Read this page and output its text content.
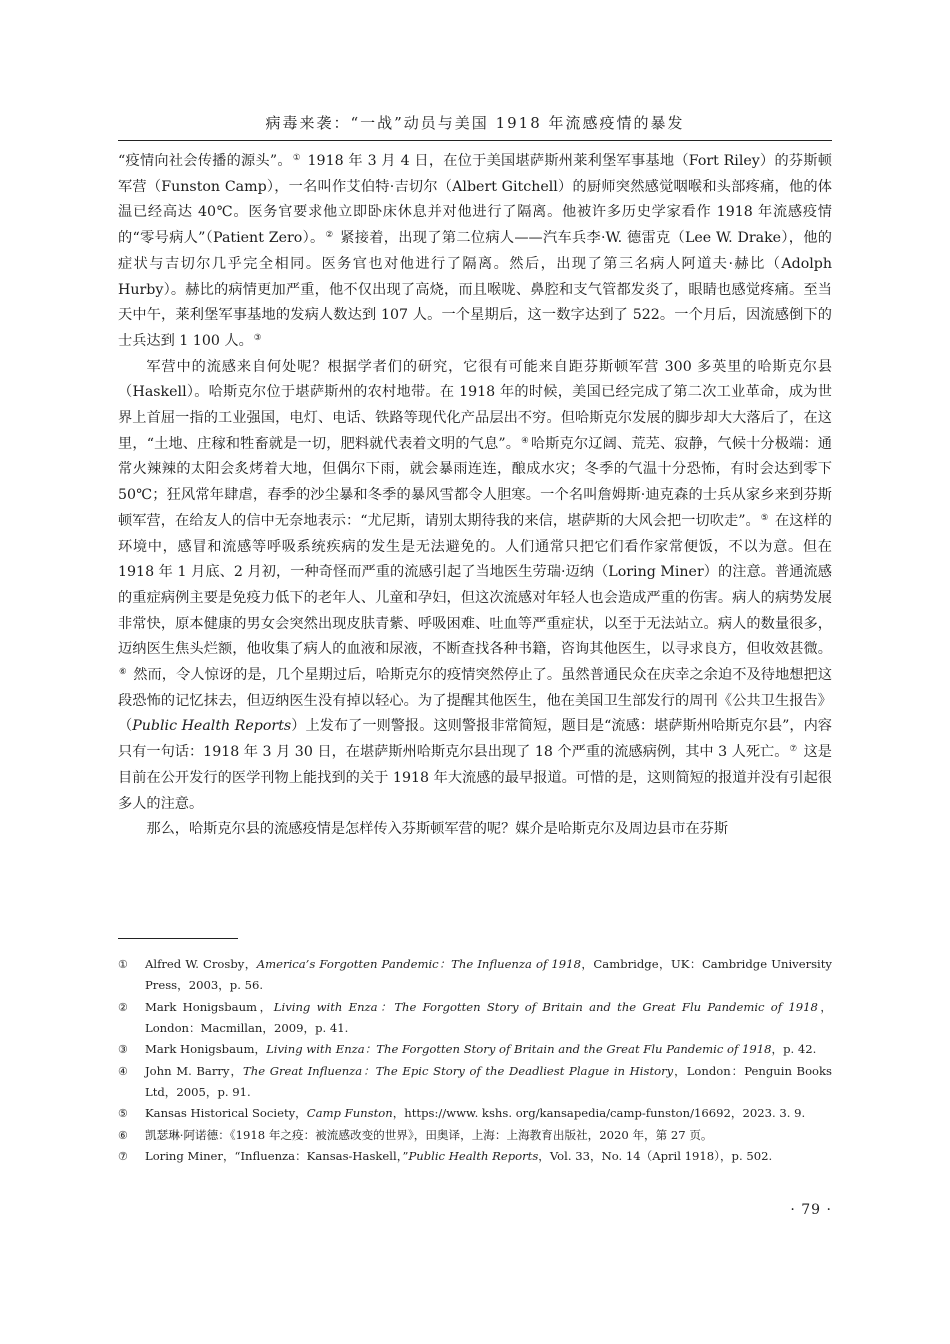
病毒来袭：“一战”动员与美国 1918 年流感疫情的暴发

“疫情向社会传播的源头”。① 1918 年 3 月 4 日，在位于美国堪萨斯州莱利堡军事基地（Fort Riley）的芬斯顿军营（Funston Camp），一名叫作艾伯特·吉切尔（Albert Gitchell）的厨师突然感觉咽喉和头部疼痛，他的体温已经高达 40℃。医务官要求他立即卧床休息并对他进行了隔离。他被许多历史学家看作 1918 年流感疫情的“零号病人”（Patient Zero）。② 紧接着，出现了第二位病人——汽车兵李·W. 德雷克（Lee W. Drake），他的症状与吉切尔几乎完全相同。医务官也对他进行了隔离。然后，出现了第三名病人阿道夫·赫比（Adolph Hurby）。赫比的病情更加严重，他不仅出现了高烧，而且喉咙、鼻腔和支气管都发炎了，眼睛也感觉疼痛。至当天中午，莱利堡军事基地的发病人数达到 107 人。一个星期后，这一数字达到了 522。一个月后，因流感倒下的士兵达到 1 100 人。③

军营中的流感来自何处呢？根据学者们的研究，它很有可能来自距芬斯顿军营 300 多英里的哈斯克尔县（Haskell）。哈斯克尔位于堪萨斯州的农村地带。在 1918 年的时候，美国已经完成了第二次工业革命，成为世界上首屈一指的工业强国，电灯、电话、铁路等现代化产品层出不穷。但哈斯克尔发展的脚步却大大落后了，在这里，“土地、庄稼和牲畜就是一切，肥料就代表着文明的气息”。④ 哈斯克尔辽阔、荒芜、寂静，气候十分极端：通常火辣辣的太阳会炙烤着大地，但偶尔下雨，就会暴雨连连，酿成水灾；冬季的气温十分恐怖，有时会达到零下 50℃；狂风常年肆虐，春季的沙尘暴和冬季的暴风雪都令人胆寒。一个名叫詹姆斯·迪克森的士兵从家乡来到芬斯顿军营，在给友人的信中无奈地表示：“尤尼斯，请别太期待我的来信，堪萨斯的大风会把一切吹走”。⑤ 在这样的环境中，感冒和流感等呼吸系统疾病的发生是无法避免的。人们通常只把它们看作家常便饭，不以为意。但在 1918 年 1 月底、2 月初，一种奇怪而严重的流感引起了当地医生劳瑞·迈纳（Loring Miner）的注意。普通流感的重症病例主要是免疫力低下的老年人、儿童和孕妇，但这次流感对年轻人也会造成严重的伤害。病人的病势发展非常快，原本健康的男女会突然出现皮肤青紫、呼吸困难、吐血等严重症状，以至于无法站立。病人的数量很多，迈纳医生焦头烂额，他收集了病人的血液和尿液，不断查找各种书籍，咨询其他医生，以寻求良方，但收效甚微。⑥ 然而，令人惊讶的是，几个星期过后，哈斯克尔的疫情突然停止了。虽然普通民众在庆幸之余迫不及待地想把这段恐怖的记忆抹去，但迈纳医生没有掉以轻心。为了提醒其他医生，他在美国卫生部发行的周刊《公共卫生报告》（Public Health Reports）上发布了一则警报。这则警报非常简短，题目是“流感：堪萨斯州哈斯克尔县”，内容只有一句话：1918 年 3 月 30 日，在堪萨斯州哈斯克尔县出现了 18 个严重的流感病例，其中 3 人死亡。⑦ 这是目前在公开发行的医学刊物上能找到的关于 1918 年大流感的最早报道。可惜的是，这则简短的报道并没有引起很多人的注意。

那么，哈斯克尔县的流感疫情是怎样传入芬斯顿军营的呢？媒介是哈斯克尔及周边县市在芬斯

①	Alfred W. Crosby，America’s Forgotten Pandemic：The Influenza of 1918，Cambridge，UK：Cambridge University Press，2003，p. 56.
②	Mark Honigsbaum，Living with Enza：The Forgotten Story of Britain and the Great Flu Pandemic of 1918，London：Macmillan，2009，p. 41.
③	Mark Honigsbaum，Living with Enza：The Forgotten Story of Britain and the Great Flu Pandemic of 1918，p. 42.
④	John M. Barry，The Great Influenza：The Epic Story of the Deadliest Plague in History，London：Penguin Books Ltd，2005，p. 91.
⑤	Kansas Historical Society，Camp Funston，https://www. kshs. org/kansapedia/camp-funston/16692，2023. 3. 9.
⑥	凯瑟琳·阿诺德：《1918 年之疫：被流感改变的世界》，田奥译，上海：上海教育出版社，2020 年，第 27 页。
⑦	Loring Miner，“Influenza：Kansas-Haskell，”Public Health Reports，Vol. 33，No. 14（April 1918），p. 502.
· 79 ·
